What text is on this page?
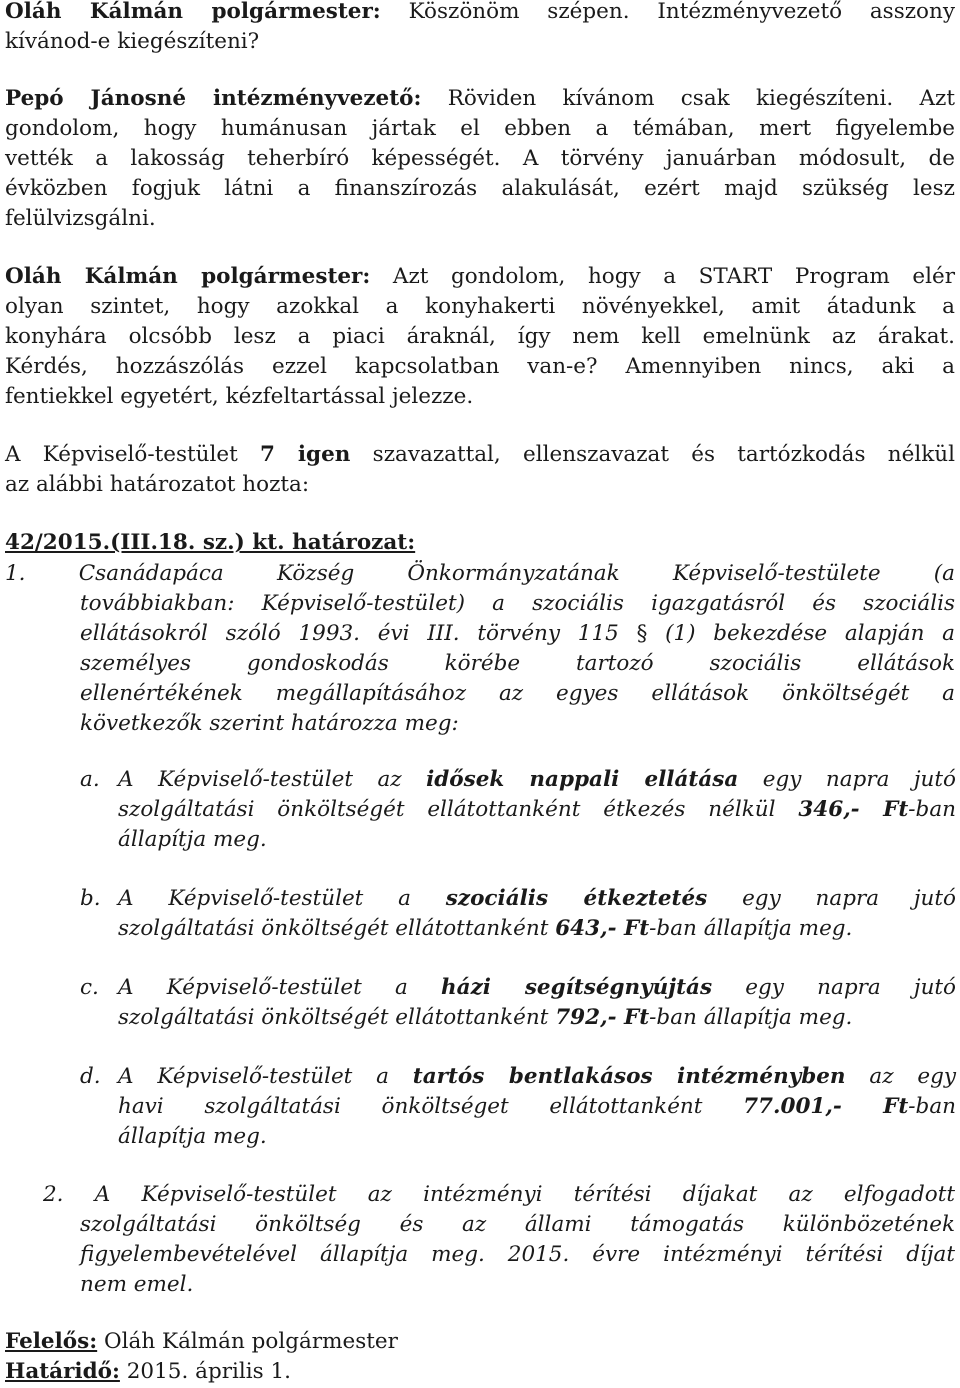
Oláh Kálmán polgármester: Köszönöm szépen. Intézményvezető asszony
kívánod-e kiegészíteni?
Pepó Jánosné intézményvezető: Röviden kívánom csak kiegészíteni. Azt
gondolom, hogy humánusan jártak el ebben a témában, mert figyelembe
vették a lakosság teherbíró képességét. A törvény januárban módosult, de
évközben fogjuk látni a finanszírozás alakulását, ezért majd szükség lesz
felülvizsgálni.
Oláh Kálmán polgármester: Azt gondolom, hogy a START Program elér
olyan szintet, hogy azokkal a konyhakerti növényekkel, amit átadunk a
konyhára olcsóbb lesz a piaci áraknál, így nem kell emelnünk az árakat.
Kérdés, hozzászólás ezzel kapcsolatban van-e? Amennyiben nincs, aki a
fentiekkel egyetért, kézfeltartással jelezze.
A Képviselő-testület 7 igen szavazattal, ellenszavazat és tartózkodás nélkül
az alábbi határozatot hozta:
42/2015.(III.18. sz.) kt. határozat:
1. Csanádapáca Község Önkormányzatának Képviselő-testülete (a
továbbiakban: Képviselő-testület) a szociális igazgatásról és szociális
ellátásokról szóló 1993. évi III. törvény 115 § (1) bekezdése alapján a
személyes gondoskodás körébe tartozó szociális ellátások
ellenértékének megállapításához az egyes ellátások önköltségét a
következők szerint határozza meg:
a. A Képviselő-testület az idősek nappali ellátása egy napra jutó
szolgáltatási önköltségét ellátottanként étkezés nélkül 346,- Ft-ban
állapítja meg.
b. A Képviselő-testület a szociális étkeztetés egy napra jutó
szolgáltatási önköltségét ellátottanként 643,- Ft-ban állapítja meg.
c. A Képviselő-testület a házi segítségnyújtás egy napra jutó
szolgáltatási önköltségét ellátottanként 792,- Ft-ban állapítja meg.
d. A Képviselő-testület a tartós bentlakásos intézményben az egy
havi szolgáltatási önköltséget ellátottanként 77.001,- Ft-ban
állapítja meg.
2. A Képviselő-testület az intézményi térítési díjakat az elfogadott
szolgáltatási önköltség és az állami támogatás különbözetének
figyelembevételével állapítja meg. 2015. évre intézményi térítési díjat
nem emel.
Felelős: Oláh Kálmán polgármester
Határidő: 2015. április 1.
